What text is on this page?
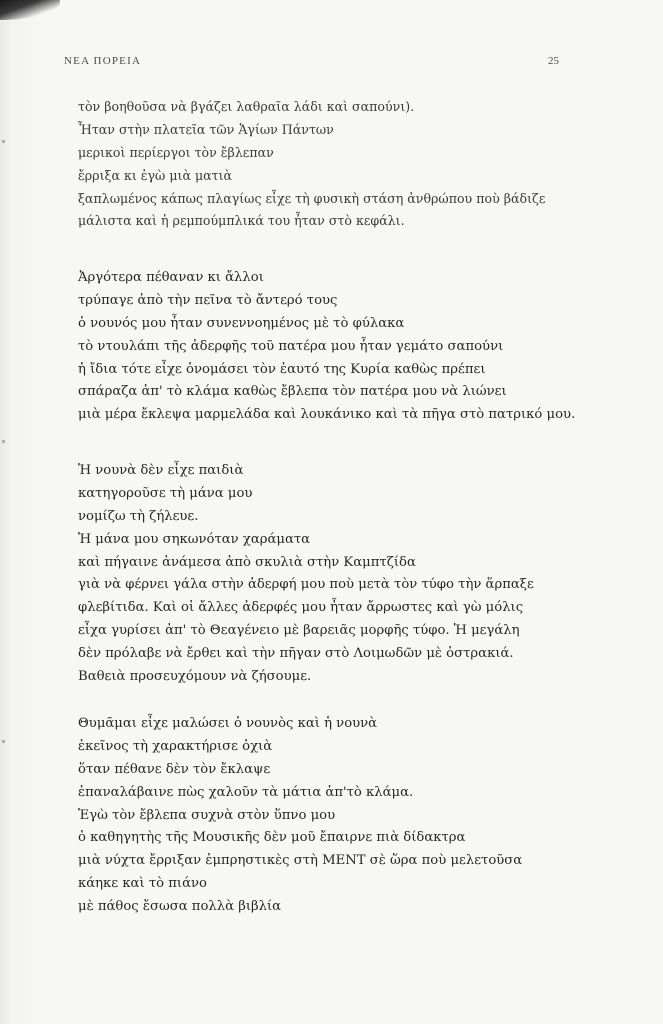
ΝΕΑ ΠΟΡΕΙΑ	25
τὸν βοηθοῦσα νὰ βγάζει λαθραῖα λάδι καὶ σαπούνι).
Ἦταν στὴν πλατεῖα τῶν Ἁγίων Πάντων
μερικοὶ περίεργοι τὸν ἔβλεπαν
ἔρριξα κι ἐγὼ μιὰ ματιὰ
ξαπλωμένος κάπως πλαγίως εἶχε τὴ φυσικὴ στάση ἀνθρώπου ποὺ βάδιζε
μάλιστα καὶ ἡ ρεμπούμπλικά του ἦταν στὸ κεφάλι.
Ἀργότερα πέθαναν κι ἄλλοι
τρύπαγε ἀπὸ τὴν πεῖνα τὸ ἄντερό τους
ὁ νουνός μου ἦταν συνεννοημένος μὲ τὸ φύλακα
τὸ ντουλάπι τῆς ἀδερφῆς τοῦ πατέρα μου ἦταν γεμάτο σαπούνι
ἡ ἴδια τότε εἶχε ὀνομάσει τὸν ἑαυτό της Κυρία καθὼς πρέπει
σπάραζα ἀπ' τὸ κλάμα καθὼς ἔβλεπα τὸν πατέρα μου νὰ λιώνει
μιὰ μέρα ἔκλεψα μαρμελάδα καὶ λουκάνικο καὶ τὰ πῆγα στὸ πατρικό μου.
Ἡ νουνὰ δὲν εἶχε παιδιὰ
κατηγοροῦσε τὴ μάνα μου
νομίζω τὴ ζήλευε.
Ἡ μάνα μου σηκωνόταν χαράματα
καὶ πήγαινε ἀνάμεσα ἀπὸ σκυλιὰ στὴν Καμπτζίδα
γιὰ νὰ φέρνει γάλα στὴν ἀδερφή μου ποὺ μετὰ τὸν τύφο τὴν ἅρπαξε
φλεβίτιδα. Καὶ οἱ ἄλλες ἀδερφές μου ἦταν ἄρρωστες καὶ γὼ μόλις
εἶχα γυρίσει ἀπ' τὸ Θεαγένειο μὲ βαρειᾶς μορφῆς τύφο. Ἡ μεγάλη
δὲν πρόλαβε νὰ ἔρθει καὶ τὴν πῆγαν στὸ Λοιμωδῶν μὲ ὀστρακιά.
Βαθειὰ προσευχόμουν νὰ ζήσουμε.
Θυμᾶμαι εἶχε μαλώσει ὁ νουνὸς καὶ ἡ νουνὰ
ἐκεῖνος τὴ χαρακτήρισε ὀχιὰ
ὅταν πέθανε δὲν τὸν ἔκλαψε
ἐπαναλάβαινε πὼς χαλοῦν τὰ μάτια ἀπ'τὸ κλάμα.
Ἐγὼ τὸν ἔβλεπα συχνὰ στὸν ὕπνο μου
ὁ καθηγητὴς τῆς Μουσικῆς δὲν μοῦ ἔπαιρνε πιὰ δίδακτρα
μιὰ νύχτα ἔρριξαν ἐμπρηστικὲς στὴ ΜΕΝΤ σὲ ὥρα ποὺ μελετοῦσα
κάηκε καὶ τὸ πιάνο
μὲ πάθος ἔσωσα πολλὰ βιβλία
